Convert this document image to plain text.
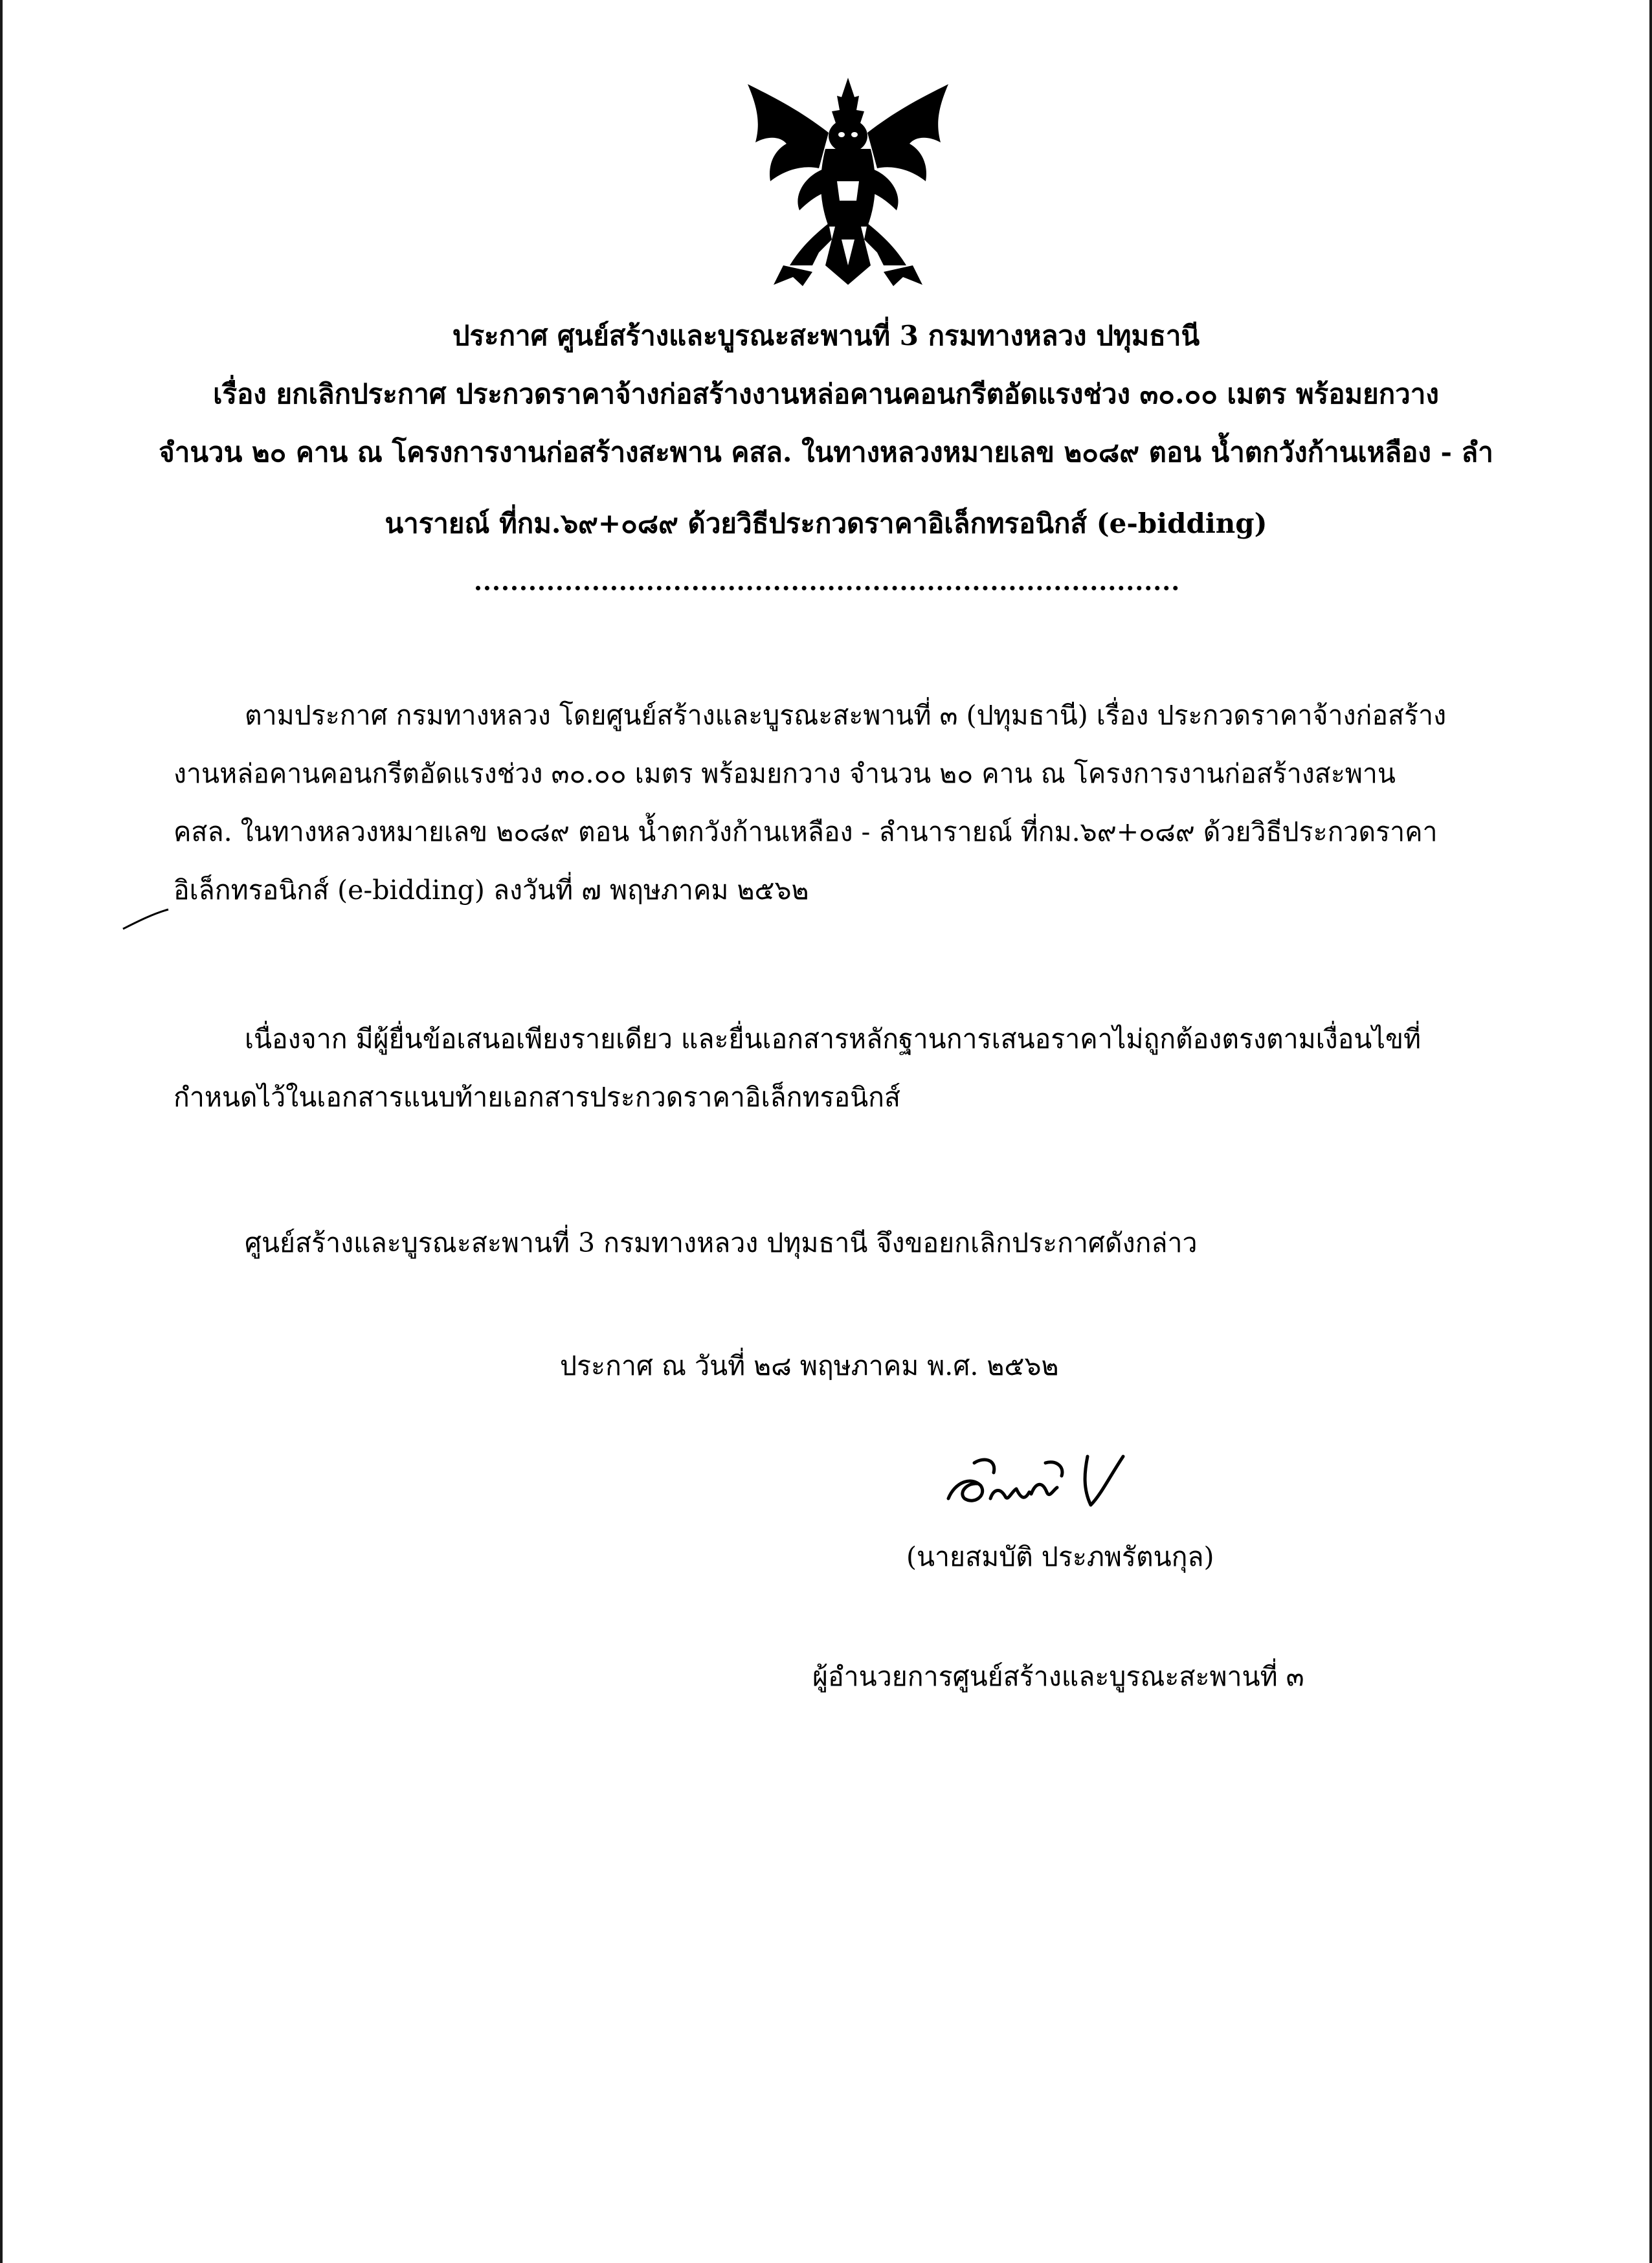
ประกาศ ศูนย์สร้างและบูรณะสะพานที่ 3 กรมทางหลวง ปทุมธานี
เรื่อง ยกเลิกประกาศ ประกวดราคาจ้างก่อสร้างงานหล่อคานคอนกรีตอัดแรงช่วง ๓๐.๐๐ เมตร พร้อมยกวาง
จำนวน ๒๐ คาน ณ โครงการงานก่อสร้างสะพาน คสล. ในทางหลวงหมายเลข ๒๐๘๙ ตอน น้ำตกวังก้านเหลือง - ลำ
นารายณ์ ที่กม.๖๙+๐๘๙ ด้วยวิธีประกวดราคาอิเล็กทรอนิกส์ (e-bidding)
ตามประกาศ กรมทางหลวง โดยศูนย์สร้างและบูรณะสะพานที่ ๓ (ปทุมธานี) เรื่อง ประกวดราคาจ้างก่อสร้าง
งานหล่อคานคอนกรีตอัดแรงช่วง ๓๐.๐๐ เมตร พร้อมยกวาง จำนวน ๒๐ คาน ณ โครงการงานก่อสร้างสะพาน
คสล. ในทางหลวงหมายเลข ๒๐๘๙ ตอน น้ำตกวังก้านเหลือง - ลำนารายณ์ ที่กม.๖๙+๐๘๙ ด้วยวิธีประกวดราคา
อิเล็กทรอนิกส์ (e-bidding) ลงวันที่ ๗ พฤษภาคม ๒๕๖๒
เนื่องจาก มีผู้ยื่นข้อเสนอเพียงรายเดียว และยื่นเอกสารหลักฐานการเสนอราคาไม่ถูกต้องตรงตามเงื่อนไขที่
กำหนดไว้ในเอกสารแนบท้ายเอกสารประกวดราคาอิเล็กทรอนิกส์
ศูนย์สร้างและบูรณะสะพานที่ 3 กรมทางหลวง ปทุมธานี จึงขอยกเลิกประกาศดังกล่าว
ประกาศ ณ วันที่ ๒๘ พฤษภาคม พ.ศ. ๒๕๖๒
(นายสมบัติ ประภพรัตนกุล)
ผู้อำนวยการศูนย์สร้างและบูรณะสะพานที่ ๓
